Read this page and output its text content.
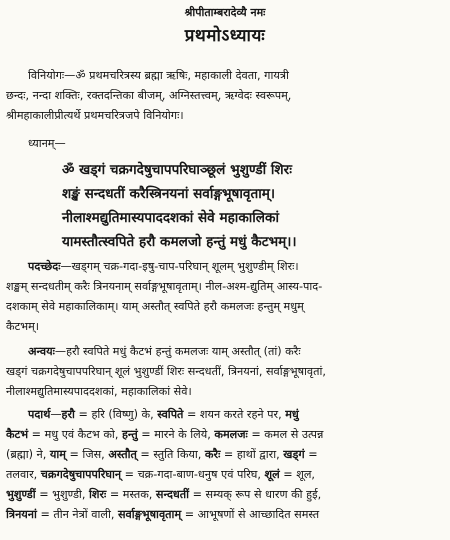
श्रीपीताम्बरादेव्यै नमः
प्रथमोऽध्यायः
विनियोगः—ॐ प्रथमचरित्रस्य ब्रह्मा ऋषिः, महाकाली देवता, गायत्री
छन्दः, नन्दा शक्तिः, रक्तदन्तिका बीजम्, अग्निस्तत्त्वम्, ऋग्वेदः स्वरूपम्,
श्रीमहाकालीप्रीत्यर्थे प्रथमचरित्रजपे विनियोगः।
ध्यानम्—
ॐ खड्गं चक्रगदेषुचापपरिघाञ्छूलं भुशुण्डीं शिरः
शङ्खं सन्दधतीं करैस्त्रिनयनां सर्वाङ्गभूषावृताम्।
नीलाश्मद्युतिमास्यपाददशकां सेवे महाकालिकां
यामस्तौत्स्वपिते हरौ कमलजो हन्तुं मधुं कैटभम्।।
पदच्छेदः—खड्गम् चक्र-गदा-इषु-चाप-परिघान् शूलम् भुशुण्डीम् शिरः।
शङ्खम् सन्दधतीम् करैः त्रिनयनाम् सर्वाङ्गभूषावृताम्। नील-अश्म-द्युतिम् आस्य-पाद-
दशकाम् सेवे महाकालिकाम्। याम् अस्तौत् स्वपिते हरौ कमलजः हन्तुम् मधुम्
कैटभम्।
अन्वयः—हरौ स्वपिते मधुं कैटभं हन्तुं कमलजः याम् अस्तौत् (तां) करैः
खड्गं चक्रगदेषुचापपरिघान् शूलं भुशुण्डीं शिरः सन्दधतीं, त्रिनयनां, सर्वाङ्गभूषावृतां,
नीलाश्मद्युतिमास्यपाददशकां, महाकालिकां सेवे।
पदार्थ—हरौ = हरि (विष्णु) के, स्वपिते = शयन करते रहने पर, मधुं
कैटभं = मधु एवं कैटभ को, हन्तुं = मारने के लिये, कमलजः = कमल से उत्पन्न
(ब्रह्मा) ने, याम् = जिस, अस्तौत् = स्तुति किया, करैः = हाथों द्वारा, खड्गं =
तलवार, चक्रगदेषुचापपरिघान् = चक्र-गदा-बाण-धनुष एवं परिघ, शूलं = शूल,
भुशुण्डीं = भुशुण्डी, शिरः = मस्तक, सन्दधतीं = सम्यक् रूप से धारण की हुई,
त्रिनयनां = तीन नेत्रों वाली, सर्वाङ्गभूषावृताम् = आभूषणों से आच्छादित समस्त
